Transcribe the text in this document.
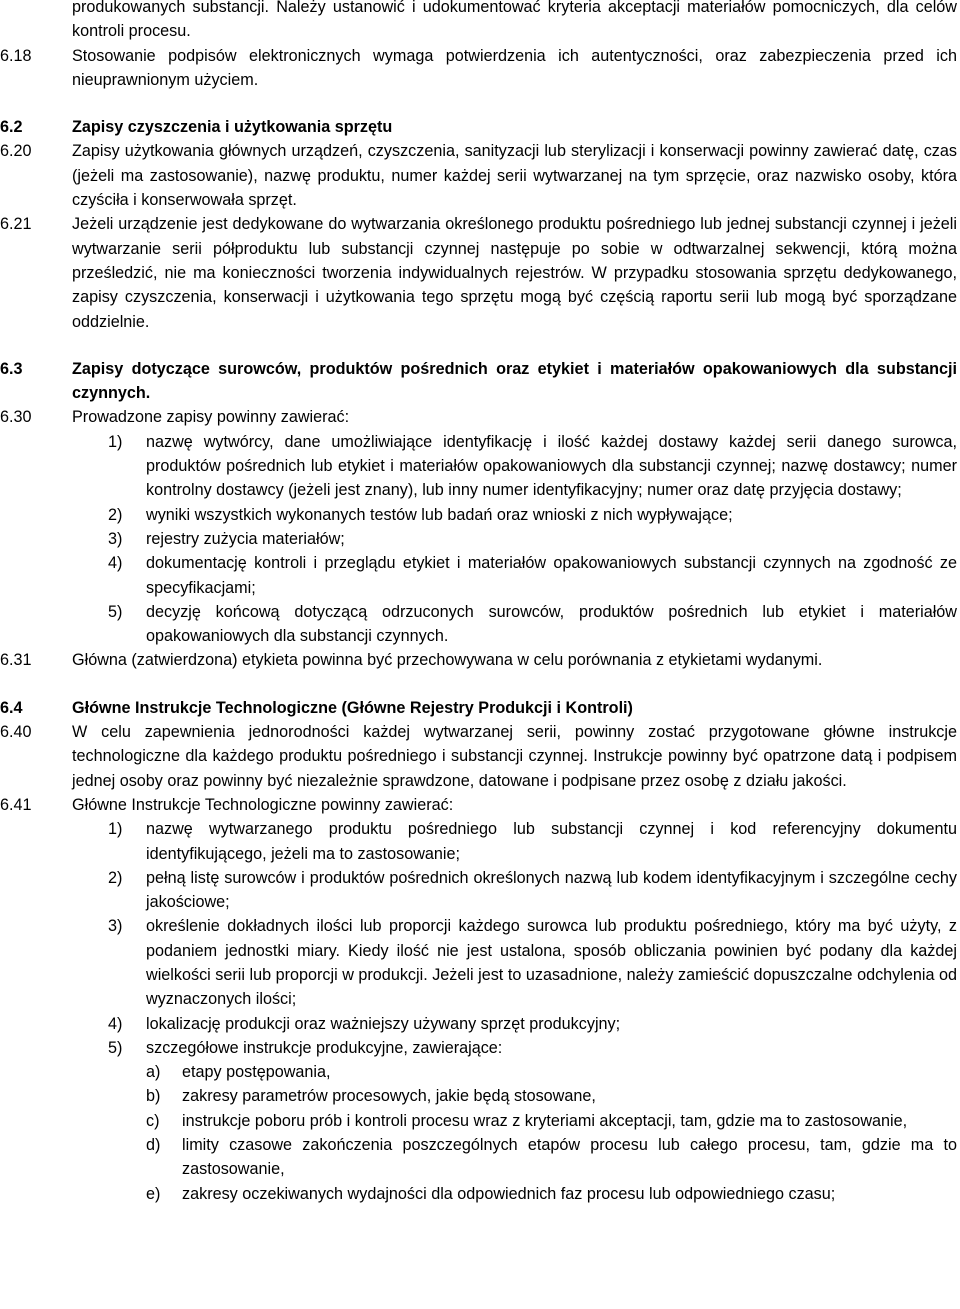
produkowanych substancji. Należy ustanowić i udokumentować kryteria akceptacji materiałów pomocniczych, dla celów kontroli procesu.
6.18	Stosowanie podpisów elektronicznych wymaga potwierdzenia ich autentyczności, oraz zabezpieczenia przed ich nieuprawnionym użyciem.
6.2	Zapisy czyszczenia i użytkowania sprzętu
6.20	Zapisy użytkowania głównych urządzeń, czyszczenia, sanityzacji lub sterylizacji i konserwacji powinny zawierać datę, czas (jeżeli ma zastosowanie), nazwę produktu, numer każdej serii wytwarzanej na tym sprzęcie, oraz nazwisko osoby, która czyściła i konserwowała sprzęt.
6.21	Jeżeli urządzenie jest dedykowane do wytwarzania określonego produktu pośredniego lub jednej substancji czynnej i jeżeli wytwarzanie serii półproduktu lub substancji czynnej następuje po sobie w odtwarzalnej sekwencji, którą można prześledzić, nie ma konieczności tworzenia indywidualnych rejestrów. W przypadku stosowania sprzętu dedykowanego, zapisy czyszczenia, konserwacji i użytkowania tego sprzętu mogą być częścią raportu serii lub mogą być sporządzane oddzielnie.
6.3	Zapisy dotyczące surowców, produktów pośrednich oraz etykiet i materiałów opakowaniowych dla substancji czynnych.
6.30	Prowadzone zapisy powinny zawierać:
1) nazwę wytwórcy, dane umożliwiające identyfikację i ilość każdej dostawy każdej serii danego surowca, produktów pośrednich lub etykiet i materiałów opakowaniowych dla substancji czynnej; nazwę dostawcy; numer kontrolny dostawcy (jeżeli jest znany), lub inny numer identyfikacyjny; numer oraz datę przyjęcia dostawy;
2) wyniki wszystkich wykonanych testów lub badań oraz wnioski z nich wypływające;
3) rejestry zużycia materiałów;
4) dokumentację kontroli i przeglądu etykiet i materiałów opakowaniowych substancji czynnych na zgodność ze specyfikacjami;
5) decyzję końcową dotyczącą odrzuconych surowców, produktów pośrednich lub etykiet i materiałów opakowaniowych dla substancji czynnych.
6.31	Główna (zatwierdzona) etykieta powinna być przechowywana w celu porównania z etykietami wydanymi.
6.4	Główne Instrukcje Technologiczne (Główne Rejestry Produkcji i Kontroli)
6.40	W celu zapewnienia jednorodności każdej wytwarzanej serii, powinny zostać przygotowane główne instrukcje technologiczne dla każdego produktu pośredniego i substancji czynnej. Instrukcje powinny być opatrzone datą i podpisem jednej osoby oraz powinny być niezależnie sprawdzone, datowane i podpisane przez osobę z działu jakości.
6.41	Główne Instrukcje Technologiczne powinny zawierać:
1) nazwę wytwarzanego produktu pośredniego lub substancji czynnej i kod referencyjny dokumentu identyfikującego, jeżeli ma to zastosowanie;
2) pełną listę surowców i produktów pośrednich określonych nazwą lub kodem identyfikacyjnym i szczególne cechy jakościowe;
3) określenie dokładnych ilości lub proporcji każdego surowca lub produktu pośredniego, który ma być użyty, z podaniem jednostki miary. Kiedy ilość nie jest ustalona, sposób obliczania powinien być podany dla każdej wielkości serii lub proporcji w produkcji. Jeżeli jest to uzasadnione, należy zamieścić dopuszczalne odchylenia od wyznaczonych ilości;
4) lokalizację produkcji oraz ważniejszy używany sprzęt produkcyjny;
5) szczegółowe instrukcje produkcyjne, zawierające:
a) etapy postępowania,
b) zakresy parametrów procesowych, jakie będą stosowane,
c) instrukcje poboru prób i kontroli procesu wraz z kryteriami akceptacji, tam, gdzie ma to zastosowanie,
d) limity czasowe zakończenia poszczególnych etapów procesu lub całego procesu, tam, gdzie ma to zastosowanie,
e) zakresy oczekiwanych wydajności dla odpowiednich faz procesu lub odpowiedniego czasu;
